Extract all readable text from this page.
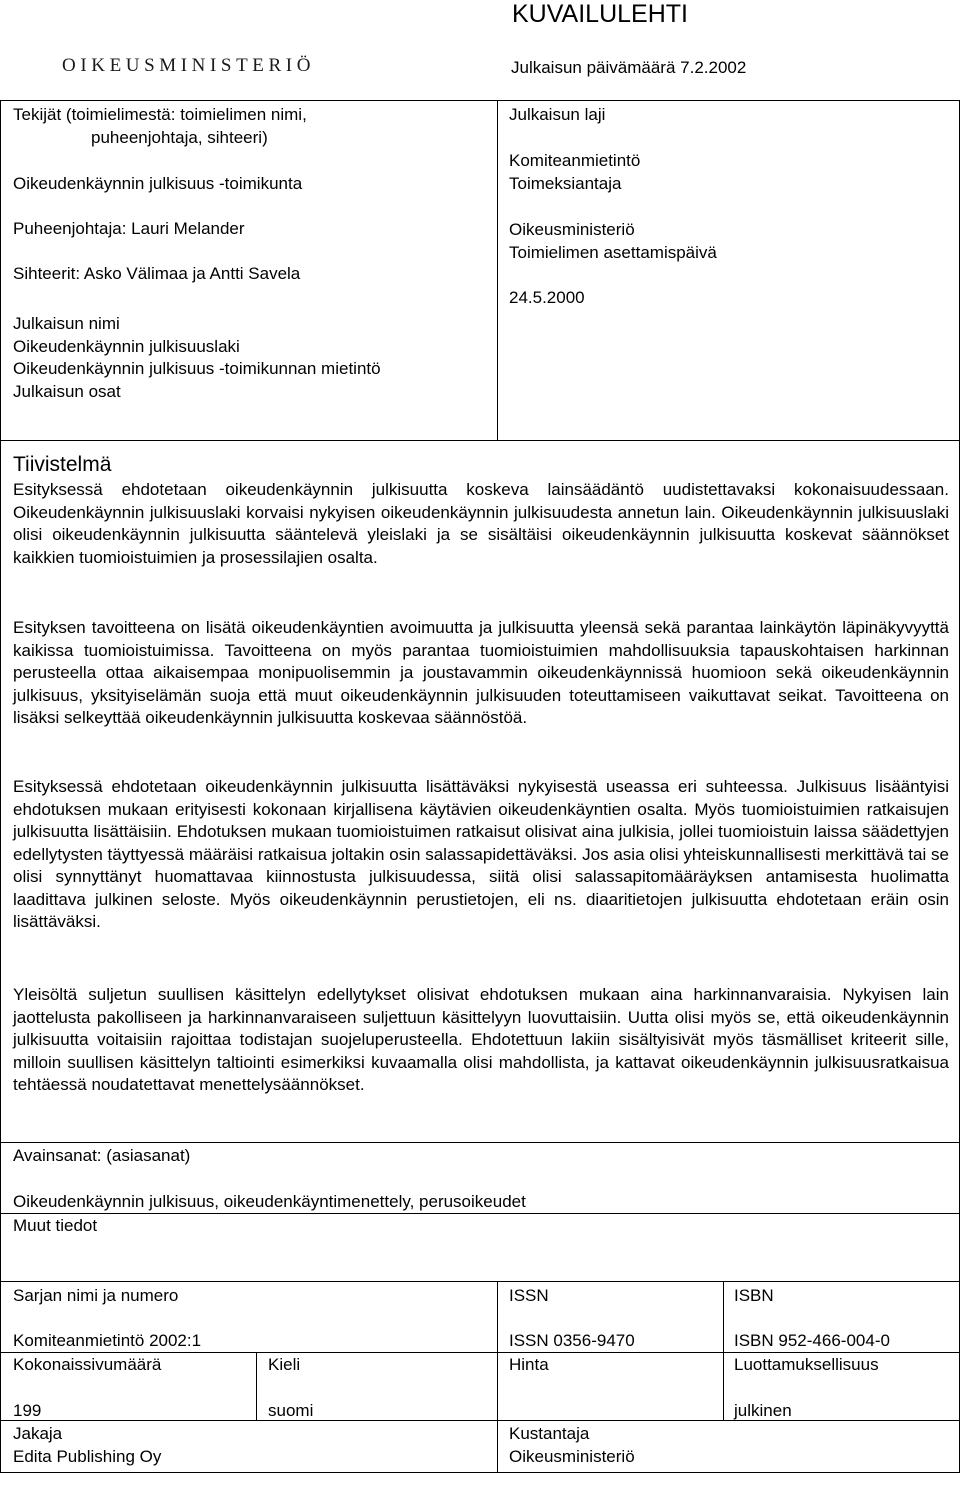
KUVAILULEHTI
OIKEUSMINISTERIÖ	Julkaisun päivämäärä 7.2.2002
Tekijät (toimielimestä: toimielimen nimi,
puheenjohtaja, sihteeri)
Oikeudenkäynnin julkisuus -toimikunta
Puheenjohtaja: Lauri Melander
Sihteerit: Asko Välimaa ja Antti Savela
Julkaisun nimi
Oikeudenkäynnin julkisuuslaki
Oikeudenkäynnin julkisuus -toimikunnan mietintö
Julkaisun osat
Julkaisun laji
Komiteanmietintö
Toimeksiantaja
Oikeusministeriö
Toimielimen asettamispäivä
24.5.2000
Tiivistelmä
Esityksessä ehdotetaan oikeudenkäynnin julkisuutta koskeva lainsäädäntö uudistettavaksi kokonaisuudessaan. Oikeudenkäynnin julkisuuslaki korvaisi nykyisen oikeudenkäynnin julkisuudesta annetun lain. Oikeudenkäynnin julkisuuslaki olisi oikeudenkäynnin julkisuutta sääntelevä yleislaki ja se sisältäisi oikeudenkäynnin julkisuutta koskevat säännökset kaikkien tuomioistuimien ja prosessilajien osalta.
Esityksen tavoitteena on lisätä oikeudenkäyntien avoimuutta ja julkisuutta yleensä sekä parantaa lainkäytön läpinäkyvyyttä kaikissa tuomioistuimissa. Tavoitteena on myös parantaa tuomioistuimien mahdollisuuksia tapauskohtaisen harkinnan perusteella ottaa aikaisempaa monipuolisemmin ja joustavammin oikeudenkäynnissä huomioon sekä oikeudenkäynnin julkisuus, yksityiselämän suoja että muut oikeudenkäynnin julkisuuden toteuttamiseen vaikuttavat seikat. Tavoitteena on lisäksi selkeyttää oikeudenkäynnin julkisuutta koskevaa säännöstöä.
Esityksessä ehdotetaan oikeudenkäynnin julkisuutta lisättäväksi nykyisestä useassa eri suhteessa. Julkisuus lisääntyisi ehdotuksen mukaan erityisesti kokonaan kirjallisena käytävien oikeudenkäyntien osalta. Myös tuomioistuimien ratkaisujen julkisuutta lisättäisiin. Ehdotuksen mukaan tuomioistuimen ratkaisut olisivat aina julkisia, jollei tuomioistuin laissa säädettyjen edellytysten täyttyessä määräisi ratkaisua joltakin osin salassapidettäväksi. Jos asia olisi yhteiskunnallisesti merkittävä tai se olisi synnyttänyt huomattavaa kiinnostusta julkisuudessa, siitä olisi salassapitomääräyksen antamisesta huolimatta laadittava julkinen seloste. Myös oikeudenkäynnin perustietojen, eli ns. diaaritietojen julkisuutta ehdotetaan eräin osin lisättäväksi.
Yleisöltä suljetun suullisen käsittelyn edellytykset olisivat ehdotuksen mukaan aina harkinnanvaraisia. Nykyisen lain jaottelusta pakolliseen ja harkinnanvaraiseen suljettuun käsittelyyn luovuttaisiin. Uutta olisi myös se, että oikeudenkäynnin julkisuutta voitaisiin rajoittaa todistajan suojeluperusteella. Ehdotettuun lakiin sisältyisivät myös täsmälliset kriteerit sille, milloin suullisen käsittelyn taltiointi esimerkiksi kuvaamalla olisi mahdollista, ja kattavat oikeudenkäynnin julkisuusratkaisua tehtäessä noudatettavat menettelysäännökset.
Avainsanat: (asiasanat)
Oikeudenkäynnin julkisuus, oikeudenkäyntimenettely, perusoikeudet
Muut tiedot
Sarjan nimi ja numero
Komiteanmietintö 2002:1
ISSN
ISSN 0356-9470
ISBN
ISBN 952-466-004-0
Kokonaissivumäärä
199
Kieli
suomi
Hinta	Luottamuksellisuus
julkinen
Jakaja
Edita Publishing Oy
Kustantaja
Oikeusministeriö
